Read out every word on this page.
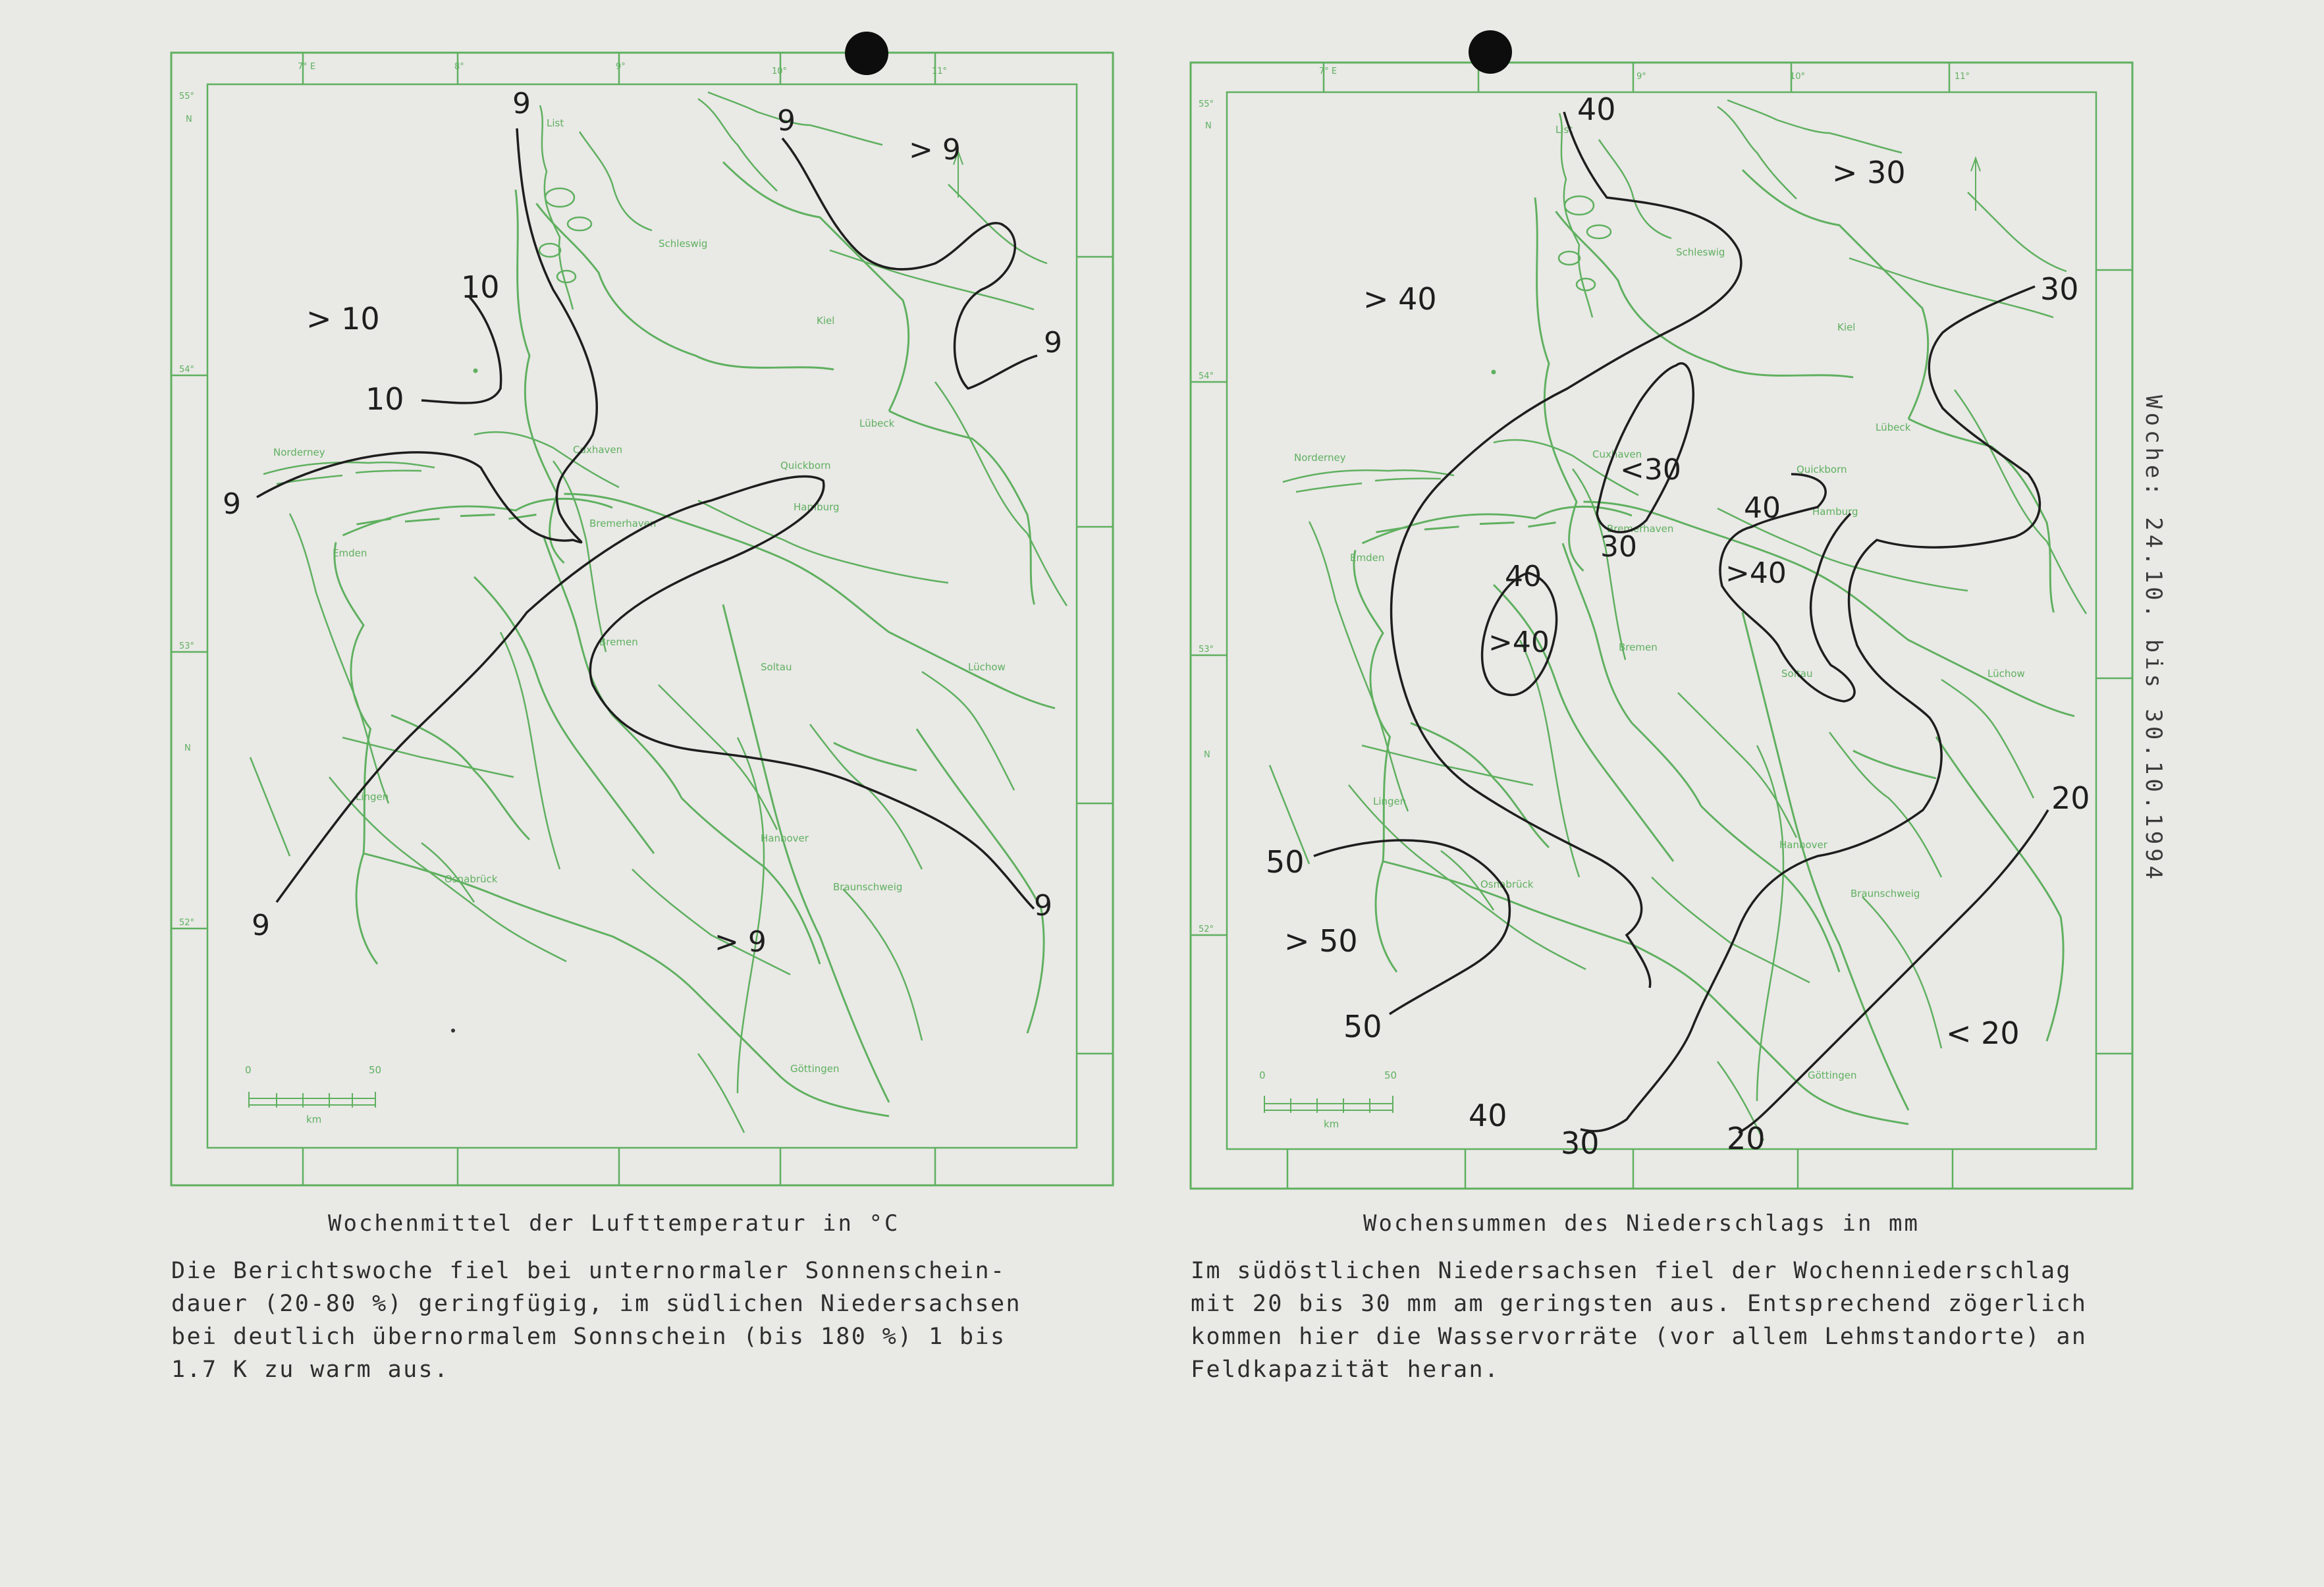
7° E	8°	9°	10°	11°
55°
N
54°
53°
N
52°
List
Schleswig
Kiel
Lübeck
Norderney	Cuxhaven
Quickborn
Hamburg
Bremerhaven
Emden
Bremen
Soltau	Lüchow
Lingen
Hannover
Osnabrück
Braunschweig
Göttingen
0	50
km
9
> 9
9
10
> 10
10
9
9
9	> 9
9
7° E
9°	10°	11°
55°
N
54°
53°
N
52°
List
Schleswig
Kiel
Lübeck
Norderney	Cuxhaven
Quickborn
Hamburg
Bremerhaven
Emden
Bremen
Soltau	Lüchow
Lingen
Hannover
Osnabrück
Braunschweig
Göttingen
0	50
km
40
> 30
> 40	30
<30
30
40
>40
40
>40
50
> 50
50
40
30
20
20
< 20
Wochenmittel der Lufttemperatur in °C	Wochensummen des Niederschlags in mm
Die Berichtswoche fiel bei unternormaler Sonnenschein-
dauer (20-80 %) geringfügig, im südlichen Niedersachsen
bei deutlich übernormalem Sonnschein (bis 180 %) 1 bis
1.7 K zu warm aus.
Im südöstlichen Niedersachsen fiel der Wochenniederschlag
mit 20 bis 30 mm am geringsten aus. Entsprechend zögerlich
kommen hier die Wasservorräte (vor allem Lehmstandorte) an
Feldkapazität heran.
Woche: 24.10. bis 30.10.1994
